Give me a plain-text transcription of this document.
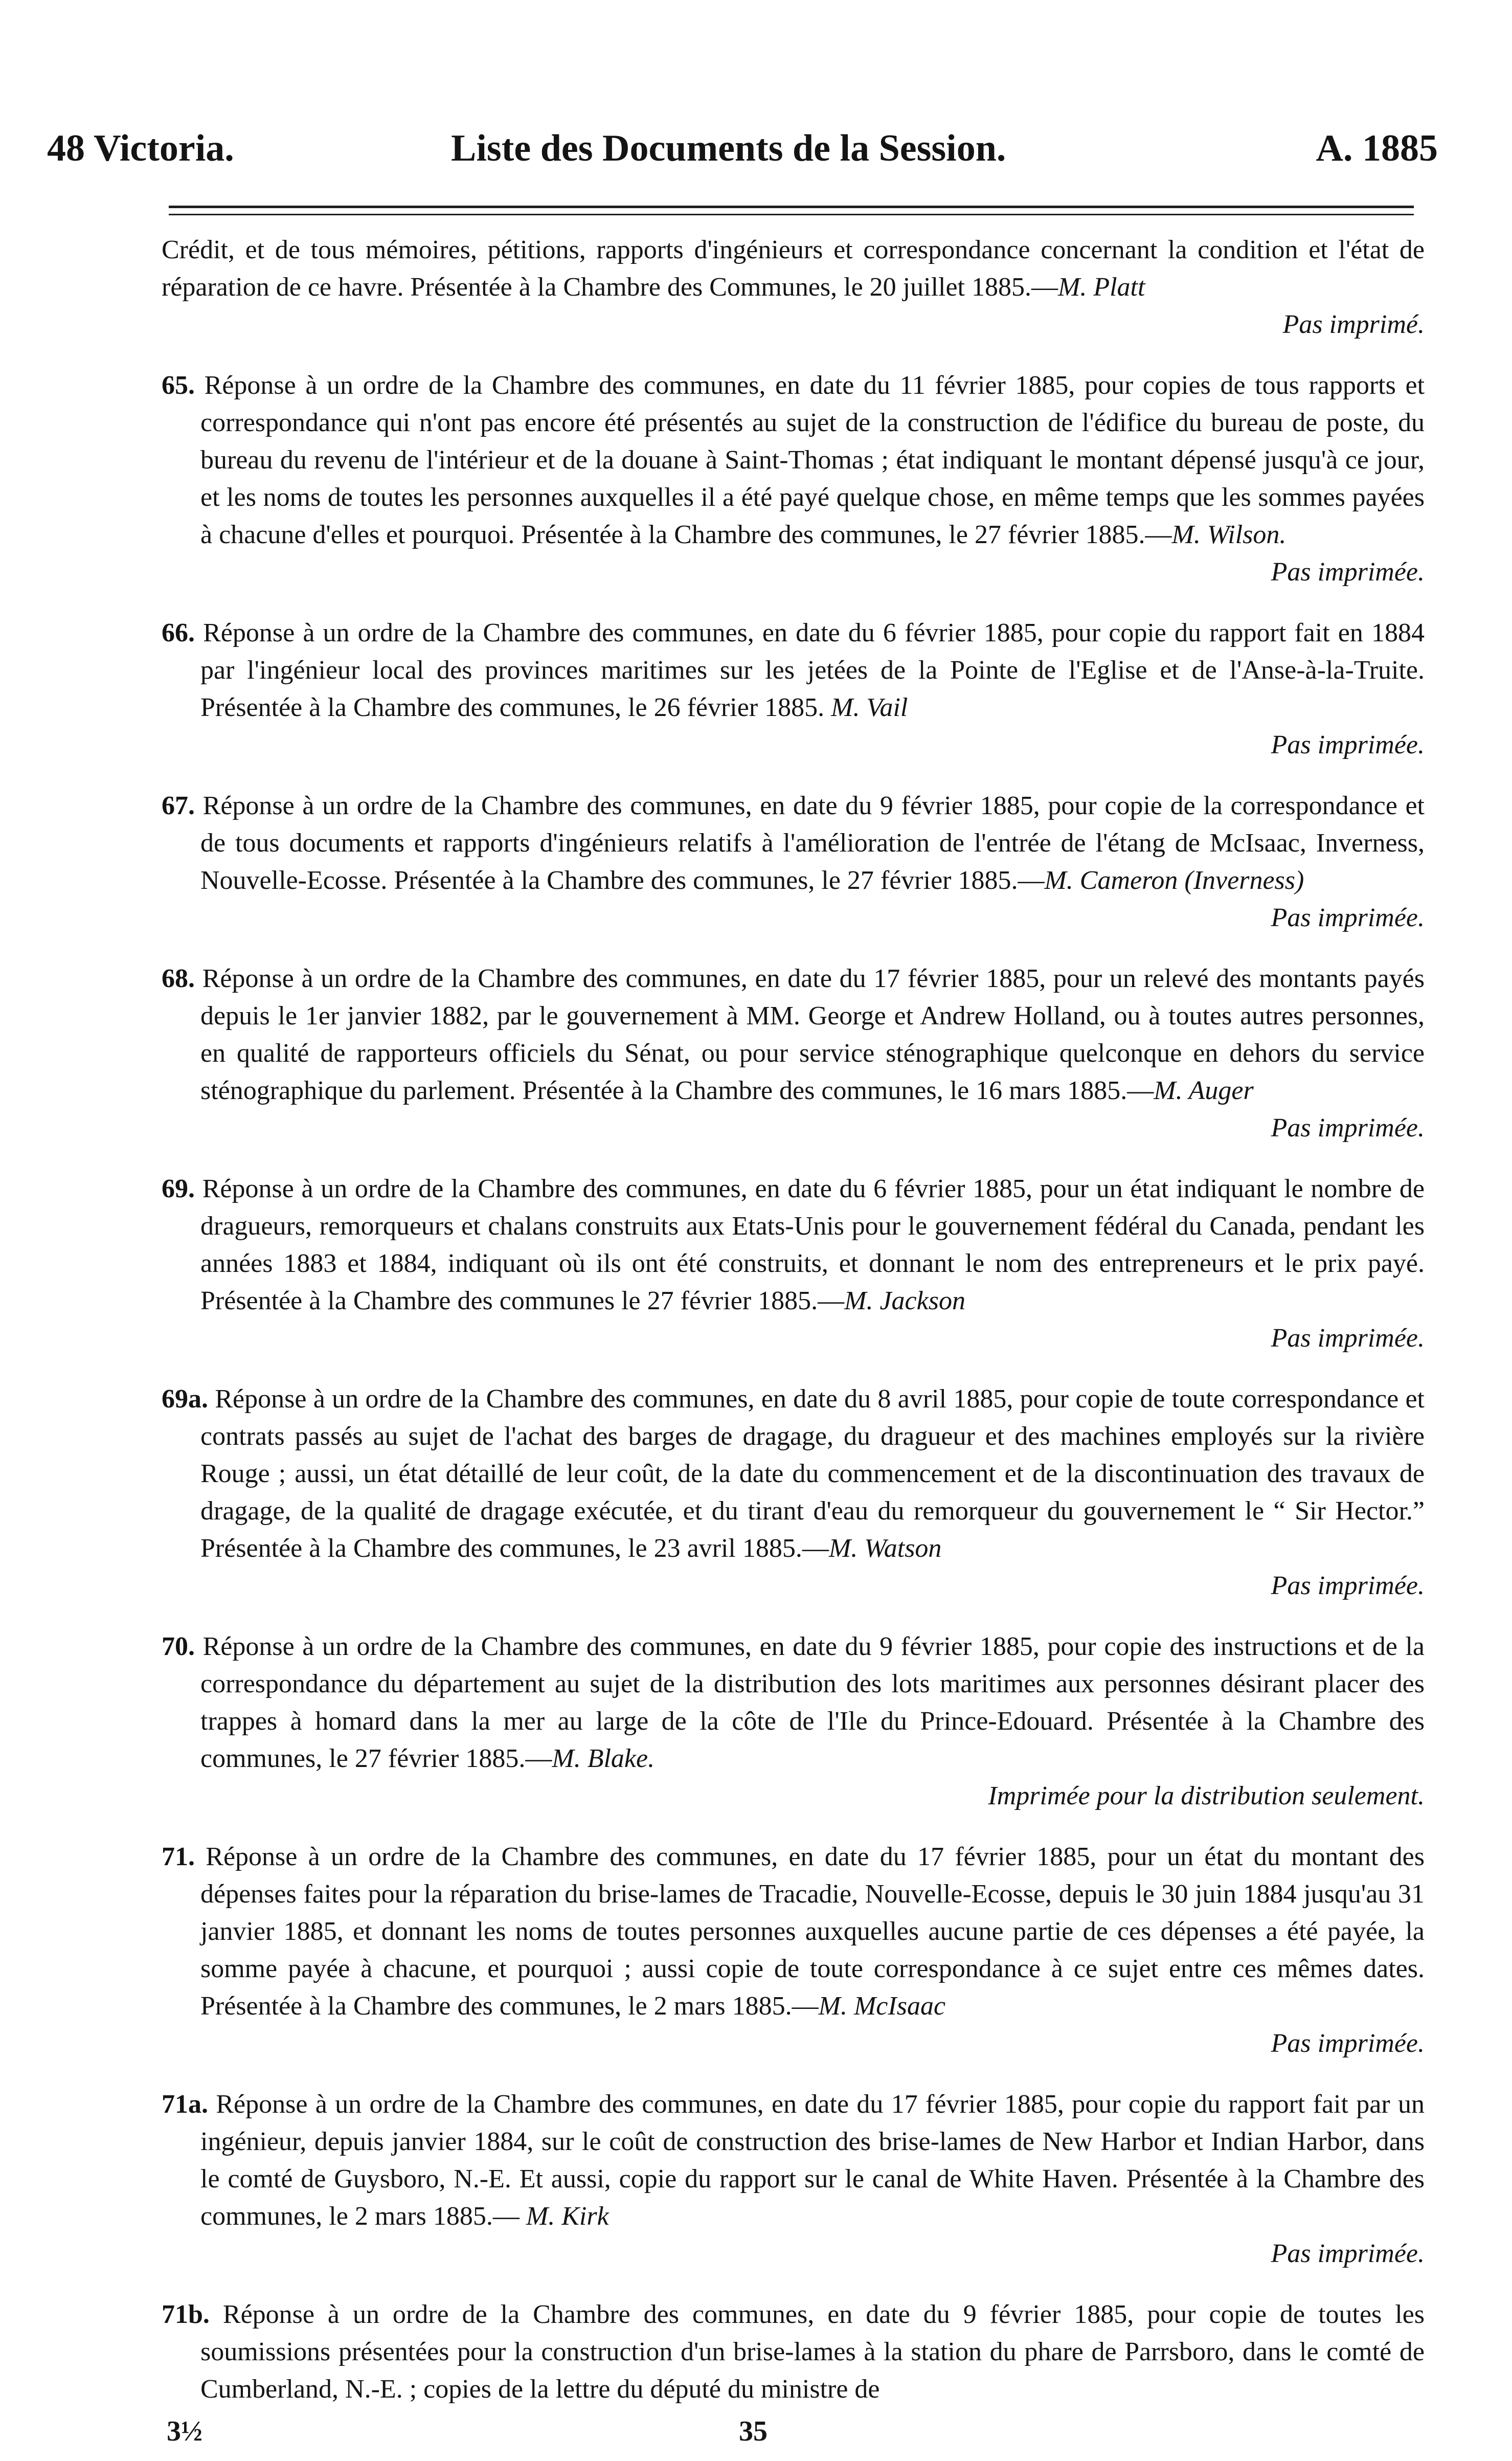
48 Victoria.	Liste des Documents de la Session.	A. 1885

Crédit, et de tous mémoires, pétitions, rapports d'ingénieurs et correspondance concernant la condition et l'état de réparation de ce havre. Présentée à la Chambre des Communes, le 20 juillet 1885.—M. Platt
Pas imprimé.

65. Réponse à un ordre de la Chambre des communes, en date du 11 février 1885, pour copies de tous rapports et correspondance qui n'ont pas encore été présentés au sujet de la construction de l'édifice du bureau de poste, du bureau du revenu de l'intérieur et de la douane à Saint-Thomas ; état indiquant le montant dépensé jusqu'à ce jour, et les noms de toutes les personnes auxquelles il a été payé quelque chose, en même temps que les sommes payées à chacune d'elles et pourquoi. Présentée à la Chambre des communes, le 27 février 1885.—M. Wilson.
Pas imprimée.

66. Réponse à un ordre de la Chambre des communes, en date du 6 février 1885, pour copie du rapport fait en 1884 par l'ingénieur local des provinces maritimes sur les jetées de la Pointe de l'Eglise et de l'Anse-à-la-Truite. Présentée à la Chambre des communes, le 26 février 1885. M. Vail
Pas imprimée.

67. Réponse à un ordre de la Chambre des communes, en date du 9 février 1885, pour copie de la correspondance et de tous documents et rapports d'ingénieurs relatifs à l'amélioration de l'entrée de l'étang de McIsaac, Inverness, Nouvelle-Ecosse. Présentée à la Chambre des communes, le 27 février 1885.—M. Cameron (Inverness)
Pas imprimée.

68. Réponse à un ordre de la Chambre des communes, en date du 17 février 1885, pour un relevé des montants payés depuis le 1er janvier 1882, par le gouvernement à MM. George et Andrew Holland, ou à toutes autres personnes, en qualité de rapporteurs officiels du Sénat, ou pour service sténographique quelconque en dehors du service sténographique du parlement. Présentée à la Chambre des communes, le 16 mars 1885.—M. Auger
Pas imprimée.

69. Réponse à un ordre de la Chambre des communes, en date du 6 février 1885, pour un état indiquant le nombre de dragueurs, remorqueurs et chalans construits aux Etats-Unis pour le gouvernement fédéral du Canada, pendant les années 1883 et 1884, indiquant où ils ont été construits, et donnant le nom des entrepreneurs et le prix payé. Présentée à la Chambre des communes le 27 février 1885.—M. Jackson
Pas imprimée.

69a. Réponse à un ordre de la Chambre des communes, en date du 8 avril 1885, pour copie de toute correspondance et contrats passés au sujet de l'achat des barges de dragage, du dragueur et des machines employés sur la rivière Rouge ; aussi, un état détaillé de leur coût, de la date du commencement et de la discontinuation des travaux de dragage, de la qualité de dragage exécutée, et du tirant d'eau du remorqueur du gouvernement le “ Sir Hector.” Présentée à la Chambre des communes, le 23 avril 1885.—M. Watson
Pas imprimée.

70. Réponse à un ordre de la Chambre des communes, en date du 9 février 1885, pour copie des instructions et de la correspondance du département au sujet de la distribution des lots maritimes aux personnes désirant placer des trappes à homard dans la mer au large de la côte de l'Ile du Prince-Edouard. Présentée à la Chambre des communes, le 27 février 1885.—M. Blake.
Imprimée pour la distribution seulement.

71. Réponse à un ordre de la Chambre des communes, en date du 17 février 1885, pour un état du montant des dépenses faites pour la réparation du brise-lames de Tracadie, Nouvelle-Ecosse, depuis le 30 juin 1884 jusqu'au 31 janvier 1885, et donnant les noms de toutes personnes auxquelles aucune partie de ces dépenses a été payée, la somme payée à chacune, et pourquoi ; aussi copie de toute correspondance à ce sujet entre ces mêmes dates. Présentée à la Chambre des communes, le 2 mars 1885.—M. McIsaac
Pas imprimée.

71a. Réponse à un ordre de la Chambre des communes, en date du 17 février 1885, pour copie du rapport fait par un ingénieur, depuis janvier 1884, sur le coût de construction des brise-lames de New Harbor et Indian Harbor, dans le comté de Guysboro, N.-E. Et aussi, copie du rapport sur le canal de White Haven. Présentée à la Chambre des communes, le 2 mars 1885.— M. Kirk
Pas imprimée.

71b. Réponse à un ordre de la Chambre des communes, en date du 9 février 1885, pour copie de toutes les soumissions présentées pour la construction d'un brise-lames à la station du phare de Parrsboro, dans le comté de Cumberland, N.-E. ; copies de la lettre du député du ministre de

3½	35
